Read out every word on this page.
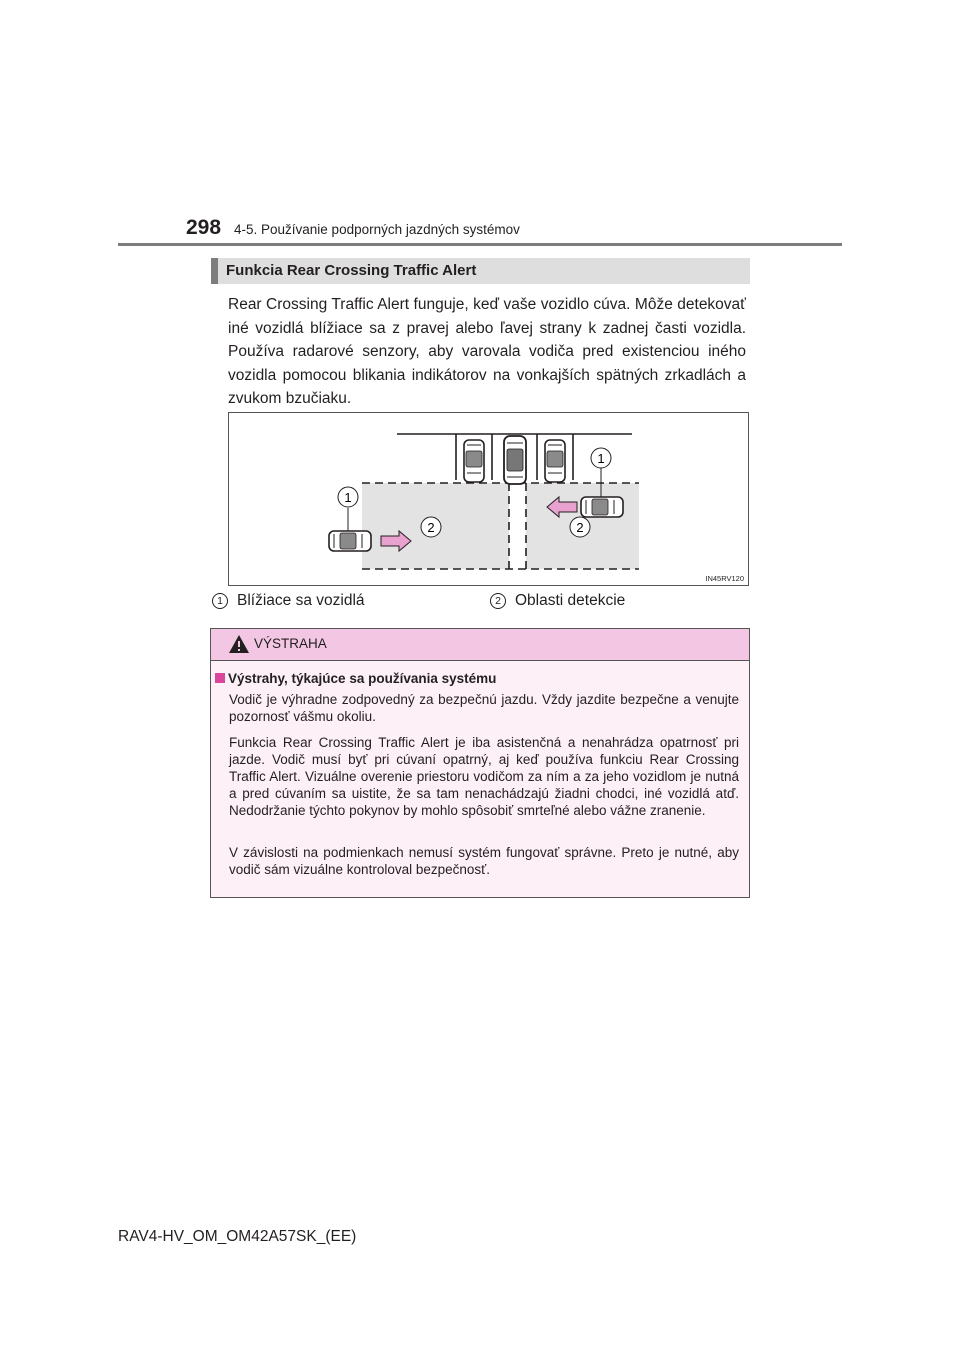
298 4-5. Používanie podporných jazdných systémov
Funkcia Rear Crossing Traffic Alert

Rear Crossing Traffic Alert funguje, keď vaše vozidlo cúva. Môže detekovať iné vozidlá blížiace sa z pravej alebo ľavej strany k zadnej časti vozidla. Používa radarové senzory, aby varovala vodiča pred existenciou iného vozidla pomocou blikania indikátorov na vonkajších spätných zrkadlách a zvukom bzučiaku.

1
1
2	2
IN45RV120
1 Blížiace sa vozidlá	2 Oblasti detekcie
VÝSTRAHA
Výstrahy, týkajúce sa používania systému

Vodič je výhradne zodpovedný za bezpečnú jazdu. Vždy jazdite bezpečne a venujte pozornosť vášmu okoliu.

Funkcia Rear Crossing Traffic Alert je iba asistenčná a nenahrádza opatrnosť pri jazde. Vodič musí byť pri cúvaní opatrný, aj keď používa funkciu Rear Crossing Traffic Alert. Vizuálne overenie priestoru vodičom za ním a za jeho vozidlom je nutná a pred cúvaním sa uistite, že sa tam nenachádzajú žiadni chodci, iné vozidlá atď. Nedodržanie týchto pokynov by mohlo spôsobiť smrteľné alebo vážne zranenie.

V závislosti na podmienkach nemusí systém fungovať správne. Preto je nutné, aby vodič sám vizuálne kontroloval bezpečnosť.

RAV4-HV_OM_OM42A57SK_(EE)
